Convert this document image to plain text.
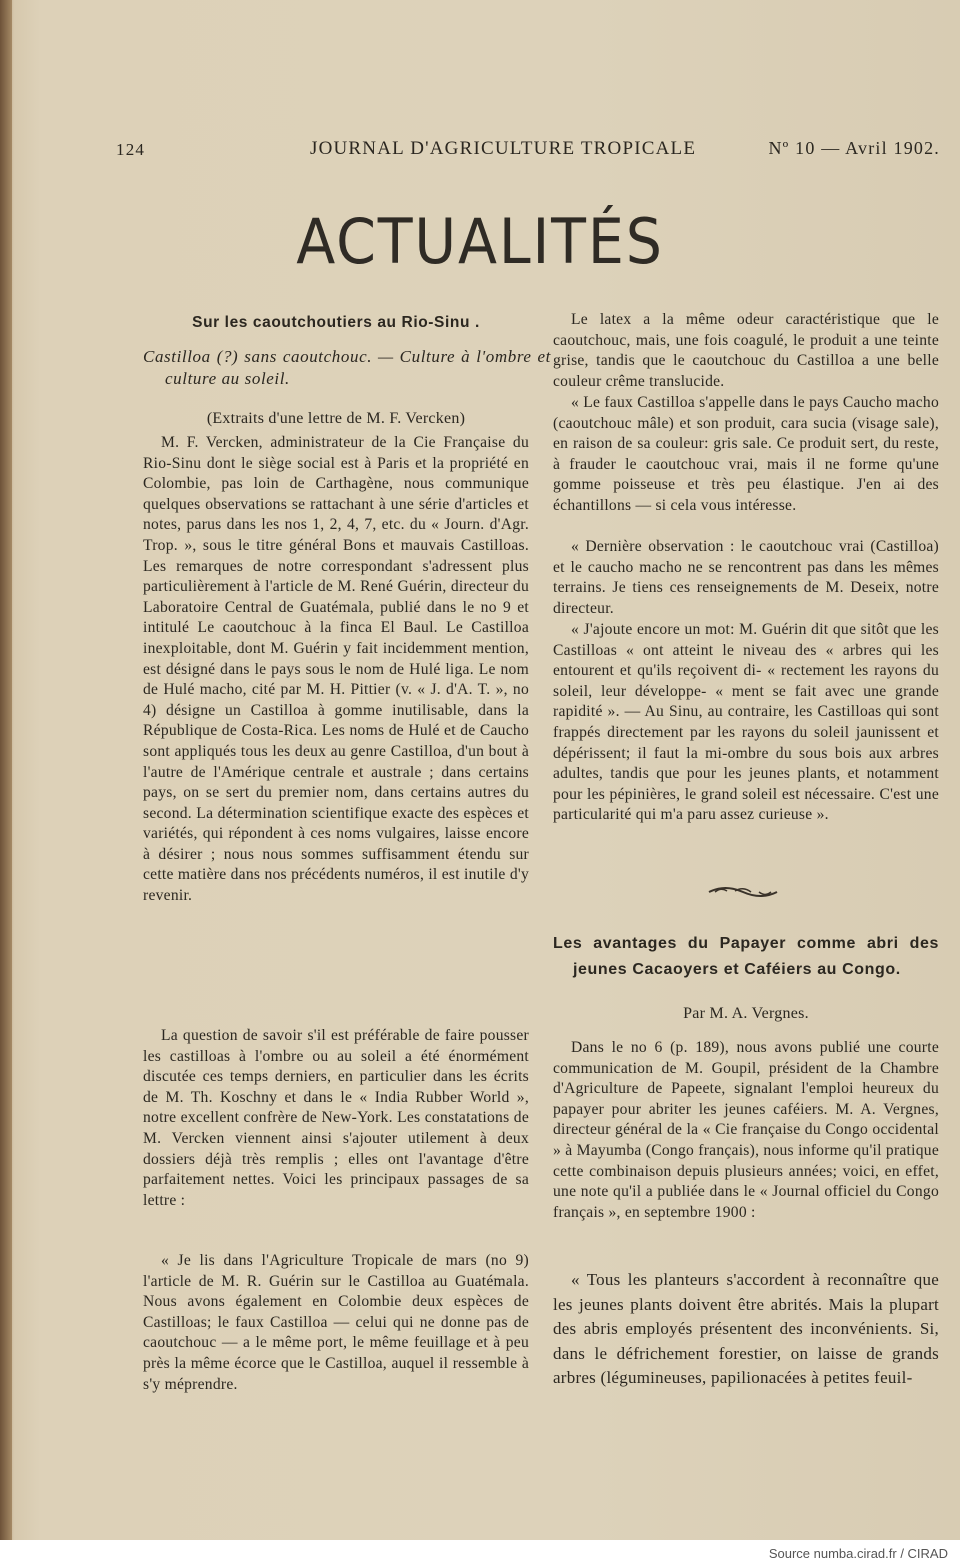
124	JOURNAL D'AGRICULTURE TROPICALE	Nº 10 — Avril 1902.
ACTUALITÉS
Sur les caoutchoutiers au Rio-Sinu .
Castilloa (?) sans caoutchouc. — Culture à l'ombre et culture au soleil.
(Extraits d'une lettre de M. F. Vercken)
M. F. Vercken, administrateur de la Cie Française du Rio-Sinu dont le siège social est à Paris et la propriété en Colombie, pas loin de Carthagène, nous communique quelques observations se rattachant à une série d'articles et notes, parus dans les nos 1, 2, 4, 7, etc. du « Journ. d'Agr. Trop. », sous le titre général Bons et mauvais Castilloas. Les remarques de notre correspondant s'adressent plus particulièrement à l'article de M. René Guérin, directeur du Laboratoire Central de Guatémala, publié dans le no 9 et intitulé Le caoutchouc à la finca El Baul. Le Castilloa inexploitable, dont M. Guérin y fait incidemment mention, est désigné dans le pays sous le nom de Hulé liga. Le nom de Hulé macho, cité par M. H. Pittier (v. « J. d'A. T. », no 4) désigne un Castilloa à gomme inutilisable, dans la République de Costa-Rica. Les noms de Hulé et de Caucho sont appliqués tous les deux au genre Castilloa, d'un bout à l'autre de l'Amérique centrale et australe ; dans certains pays, on se sert du premier nom, dans certains autres du second. La détermination scientifique exacte des espèces et variétés, qui répondent à ces noms vulgaires, laisse encore à désirer ; nous nous sommes suffisamment étendu sur cette matière dans nos précédents numéros, il est inutile d'y revenir.
La question de savoir s'il est préférable de faire pousser les castilloas à l'ombre ou au soleil a été énormément discutée ces temps derniers, en particulier dans les écrits de M. Th. Koschny et dans le « India Rubber World », notre excellent confrère de New-York. Les constatations de M. Vercken viennent ainsi s'ajouter utilement à deux dossiers déjà très remplis ; elles ont l'avantage d'être parfaitement nettes. Voici les principaux passages de sa lettre :
« Je lis dans l'Agriculture Tropicale de mars (no 9) l'article de M. R. Guérin sur le Castilloa au Guatémala. Nous avons également en Colombie deux espèces de Castilloas; le faux Castilloa — celui qui ne donne pas de caoutchouc — a le même port, le même feuillage et à peu près la même écorce que le Castilloa, auquel il ressemble à s'y méprendre.
Le latex a la même odeur caractéristique que le caoutchouc, mais, une fois coagulé, le produit a une teinte grise, tandis que le caoutchouc du Castilloa a une belle couleur crême translucide.
« Le faux Castilloa s'appelle dans le pays Caucho macho (caoutchouc mâle) et son produit, cara sucia (visage sale), en raison de sa couleur: gris sale. Ce produit sert, du reste, à frauder le caoutchouc vrai, mais il ne forme qu'une gomme poisseuse et très peu élastique. J'en ai des échantillons — si cela vous intéresse.
« Dernière observation : le caoutchouc vrai (Castilloa) et le caucho macho ne se rencontrent pas dans les mêmes terrains. Je tiens ces renseignements de M. Deseix, notre directeur.
« J'ajoute encore un mot: M. Guérin dit que sitôt que les Castilloas « ont atteint le niveau des « arbres qui les entourent et qu'ils reçoivent di- « rectement les rayons du soleil, leur développe- « ment se fait avec une grande rapidité ». — Au Sinu, au contraire, les Castilloas qui sont frappés directement par les rayons du soleil jaunissent et dépérissent; il faut la mi-ombre du sous bois aux arbres adultes, tandis que pour les jeunes plants, et notamment pour les pépinières, le grand soleil est nécessaire. C'est une particularité qui m'a paru assez curieuse ».
Les avantages du Papayer comme abri des jeunes Cacaoyers et Caféiers au Congo.
Par M. A. Vergnes.
Dans le no 6 (p. 189), nous avons publié une courte communication de M. Goupil, président de la Chambre d'Agriculture de Papeete, signalant l'emploi heureux du papayer pour abriter les jeunes caféiers. M. A. Vergnes, directeur général de la « Cie française du Congo occidental » à Mayumba (Congo français), nous informe qu'il pratique cette combinaison depuis plusieurs années; voici, en effet, une note qu'il a publiée dans le « Journal officiel du Congo français », en septembre 1900 :
« Tous les planteurs s'accordent à reconnaître que les jeunes plants doivent être abrités. Mais la plupart des abris employés présentent des inconvénients. Si, dans le défrichement forestier, on laisse de grands arbres (légumineuses, papilionacées à petites feuil-
Source numba.cirad.fr / CIRAD
